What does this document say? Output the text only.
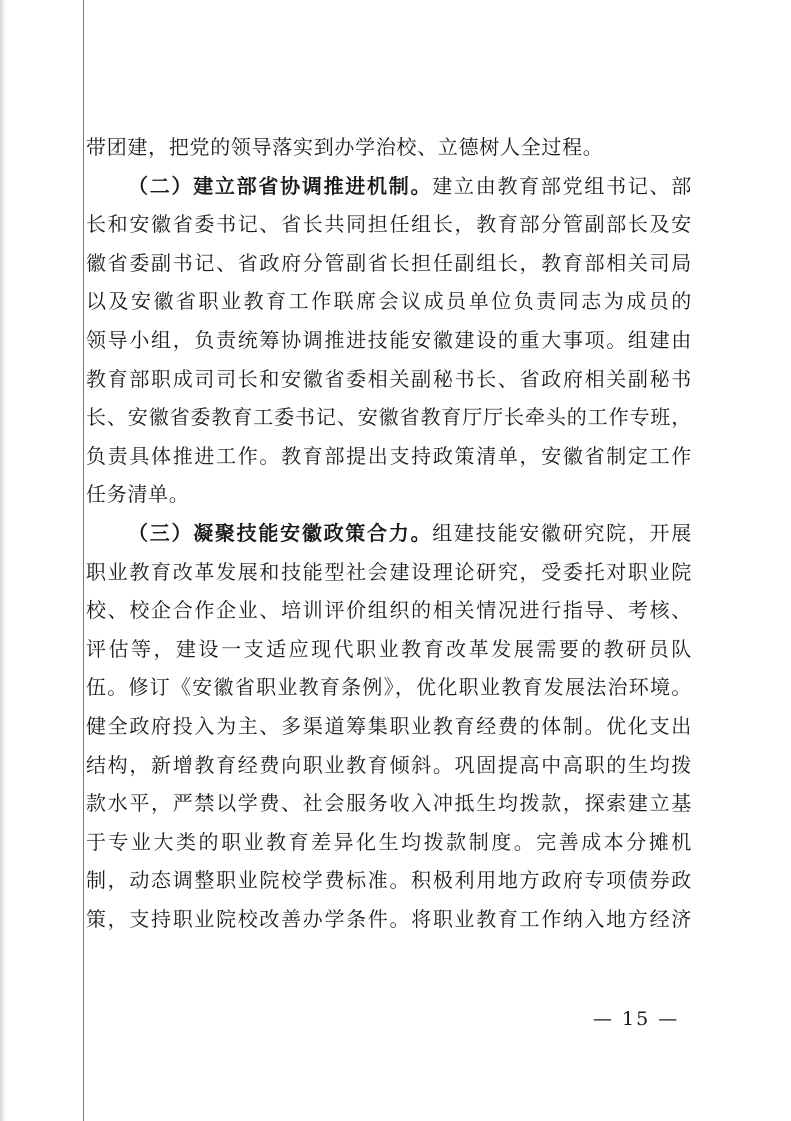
带团建，把党的领导落实到办学治校、立德树人全过程。
（二）建立部省协调推进机制。建立由教育部党组书记、部
长和安徽省委书记、省长共同担任组长，教育部分管副部长及安
徽省委副书记、省政府分管副省长担任副组长，教育部相关司局
以及安徽省职业教育工作联席会议成员单位负责同志为成员的
领导小组，负责统筹协调推进技能安徽建设的重大事项。组建由
教育部职成司司长和安徽省委相关副秘书长、省政府相关副秘书
长、安徽省委教育工委书记、安徽省教育厅厅长牵头的工作专班，
负责具体推进工作。教育部提出支持政策清单，安徽省制定工作
任务清单。
（三）凝聚技能安徽政策合力。组建技能安徽研究院，开展
职业教育改革发展和技能型社会建设理论研究，受委托对职业院
校、校企合作企业、培训评价组织的相关情况进行指导、考核、
评估等，建设一支适应现代职业教育改革发展需要的教研员队
伍。修订《安徽省职业教育条例》，优化职业教育发展法治环境。
健全政府投入为主、多渠道筹集职业教育经费的体制。优化支出
结构，新增教育经费向职业教育倾斜。巩固提高中高职的生均拨
款水平，严禁以学费、社会服务收入冲抵生均拨款，探索建立基
于专业大类的职业教育差异化生均拨款制度。完善成本分摊机
制，动态调整职业院校学费标准。积极利用地方政府专项债券政
策，支持职业院校改善办学条件。将职业教育工作纳入地方经济
— 15 —
